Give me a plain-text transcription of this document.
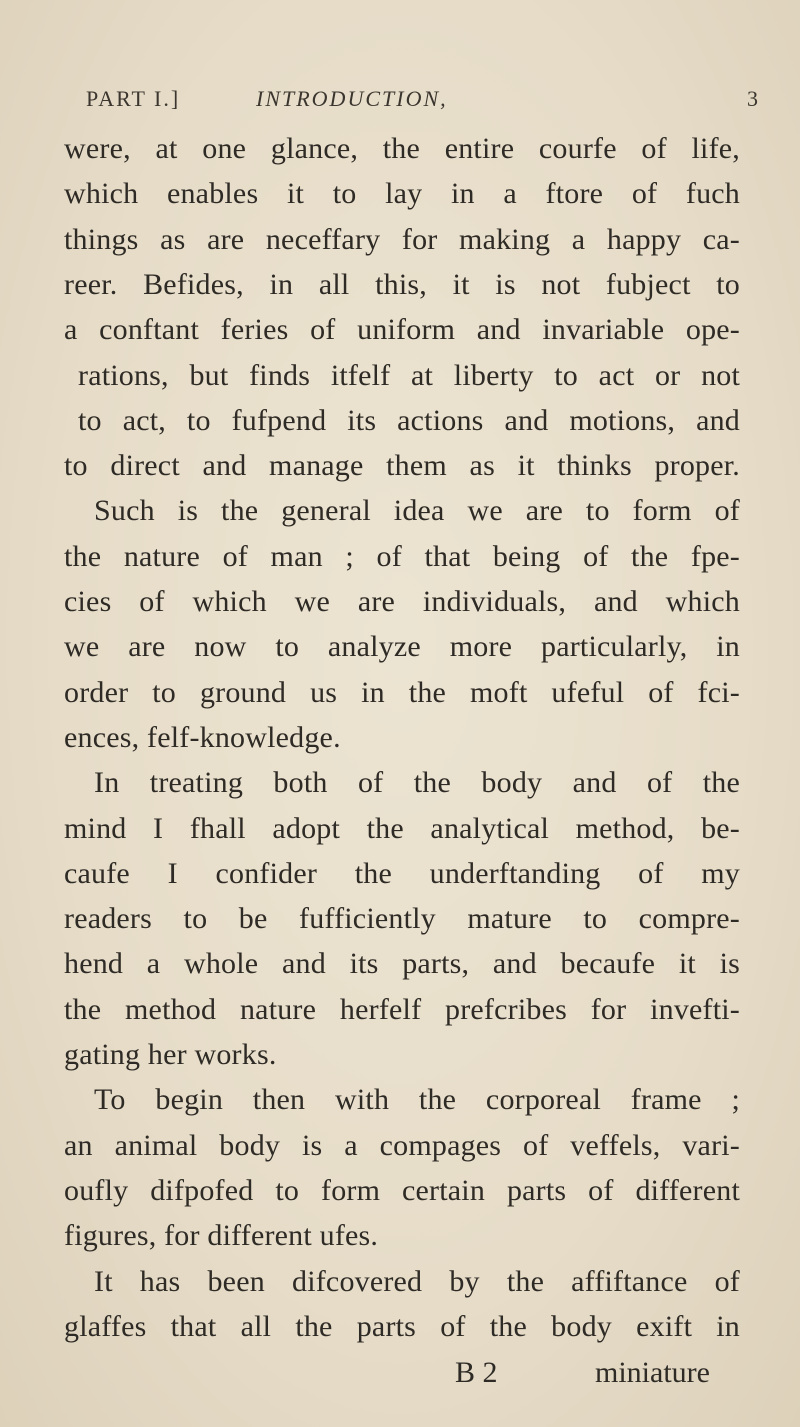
PART I.]	INTRODUCTION,	3
were, at one glance, the entire courfe of life,
which enables it to lay in a ftore of fuch
things as are neceffary for making a happy ca-
reer. Befides, in all this, it is not fubject to
a conftant feries of uniform and invariable ope-
rations, but finds itfelf at liberty to act or not
to act, to fufpend its actions and motions, and
to direct and manage them as it thinks proper.
Such is the general idea we are to form of
the nature of man ; of that being of the fpe-
cies of which we are individuals, and which
we are now to analyze more particularly, in
order to ground us in the moft ufeful of fci-
ences, felf-knowledge.
In treating both of the body and of the
mind I fhall adopt the analytical method, be-
caufe I confider the underftanding of my
readers to be fufficiently mature to compre-
hend a whole and its parts, and becaufe it is
the method nature herfelf prefcribes for invefti-
gating her works.
To begin then with the corporeal frame ;
an animal body is a compages of veffels, vari-
oufly difpofed to form certain parts of different
figures, for different ufes.
It has been difcovered by the affiftance of
glaffes that all the parts of the body exift in
B 2	miniature
